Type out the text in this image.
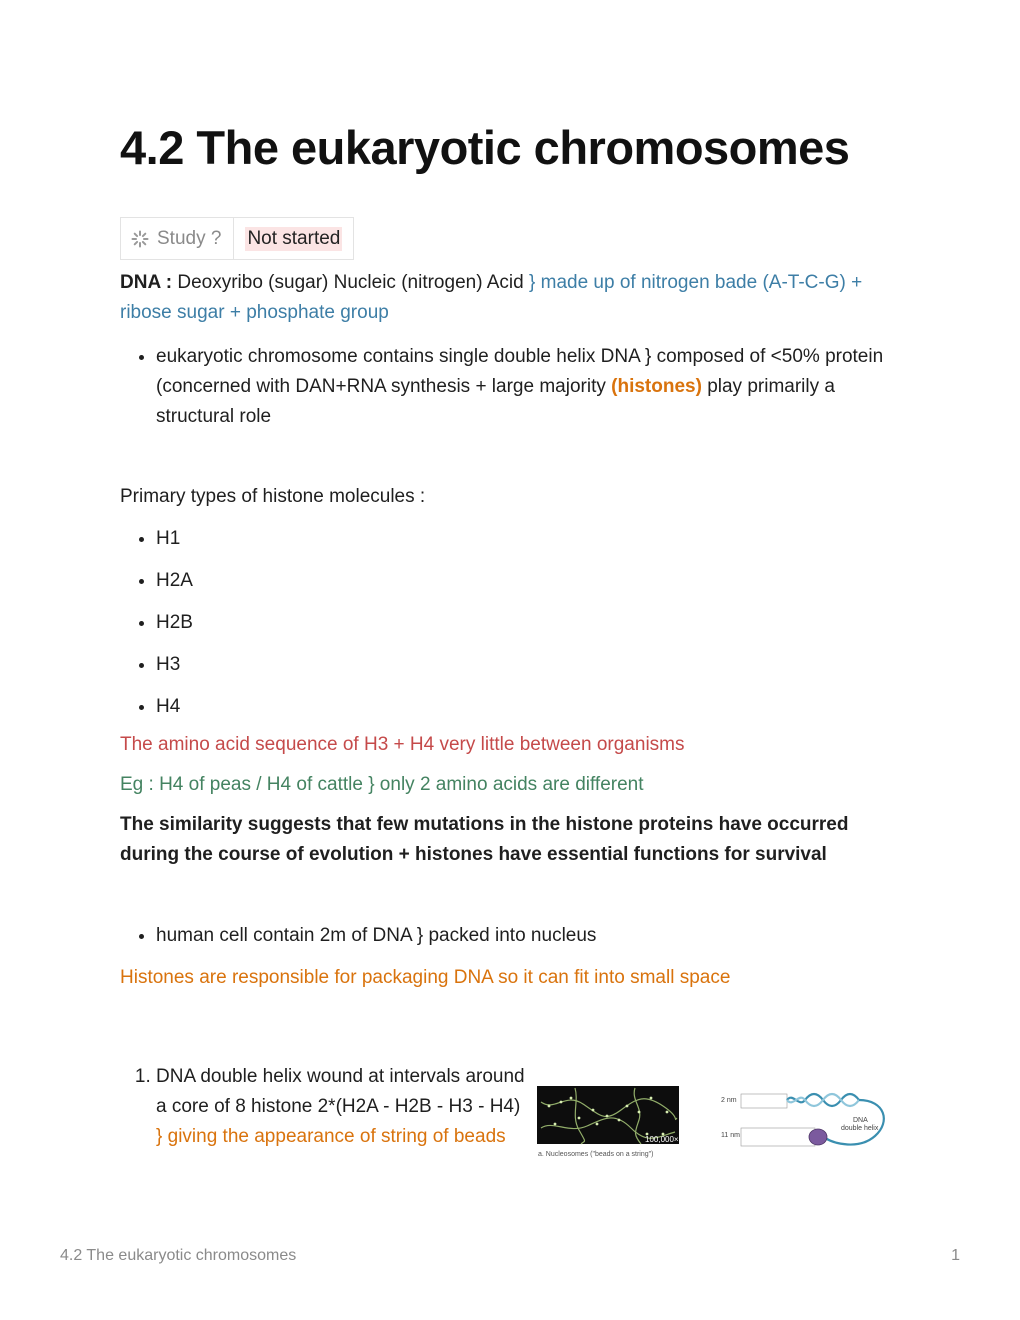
4.2 The eukaryotic chromosomes
Study ? Not started

DNA : Deoxyribo (sugar) Nucleic (nitrogen) Acid } made up of nitrogen bade (A-T-C-G) + ribose sugar + phosphate group

• eukaryotic chromosome contains single double helix DNA } composed of <50% protein (concerned with DAN+RNA synthesis + large majority (histones) play primarily a structural role

Primary types of histone molecules :

• H1
• H2A
• H2B
• H3
• H4

The amino acid sequence of H3 + H4 very little between organisms

Eg : H4 of peas / H4 of cattle } only 2 amino acids are different

The similarity suggests that few mutations in the histone proteins have occurred during the course of evolution + histones have essential functions for survival

• human cell contain 2m of DNA } packed into nucleus

Histones are responsible for packaging DNA so it can fit into small space

1. DNA double helix wound at intervals around a core of 8 histone 2*(H2A - H2B - H3 - H4) } giving the appearance of string of beads	100,000×
a. Nucleosomes ("beads on a string")
2 nm
11 nm
DNA
double helix
4.2 The eukaryotic chromosomes	1
